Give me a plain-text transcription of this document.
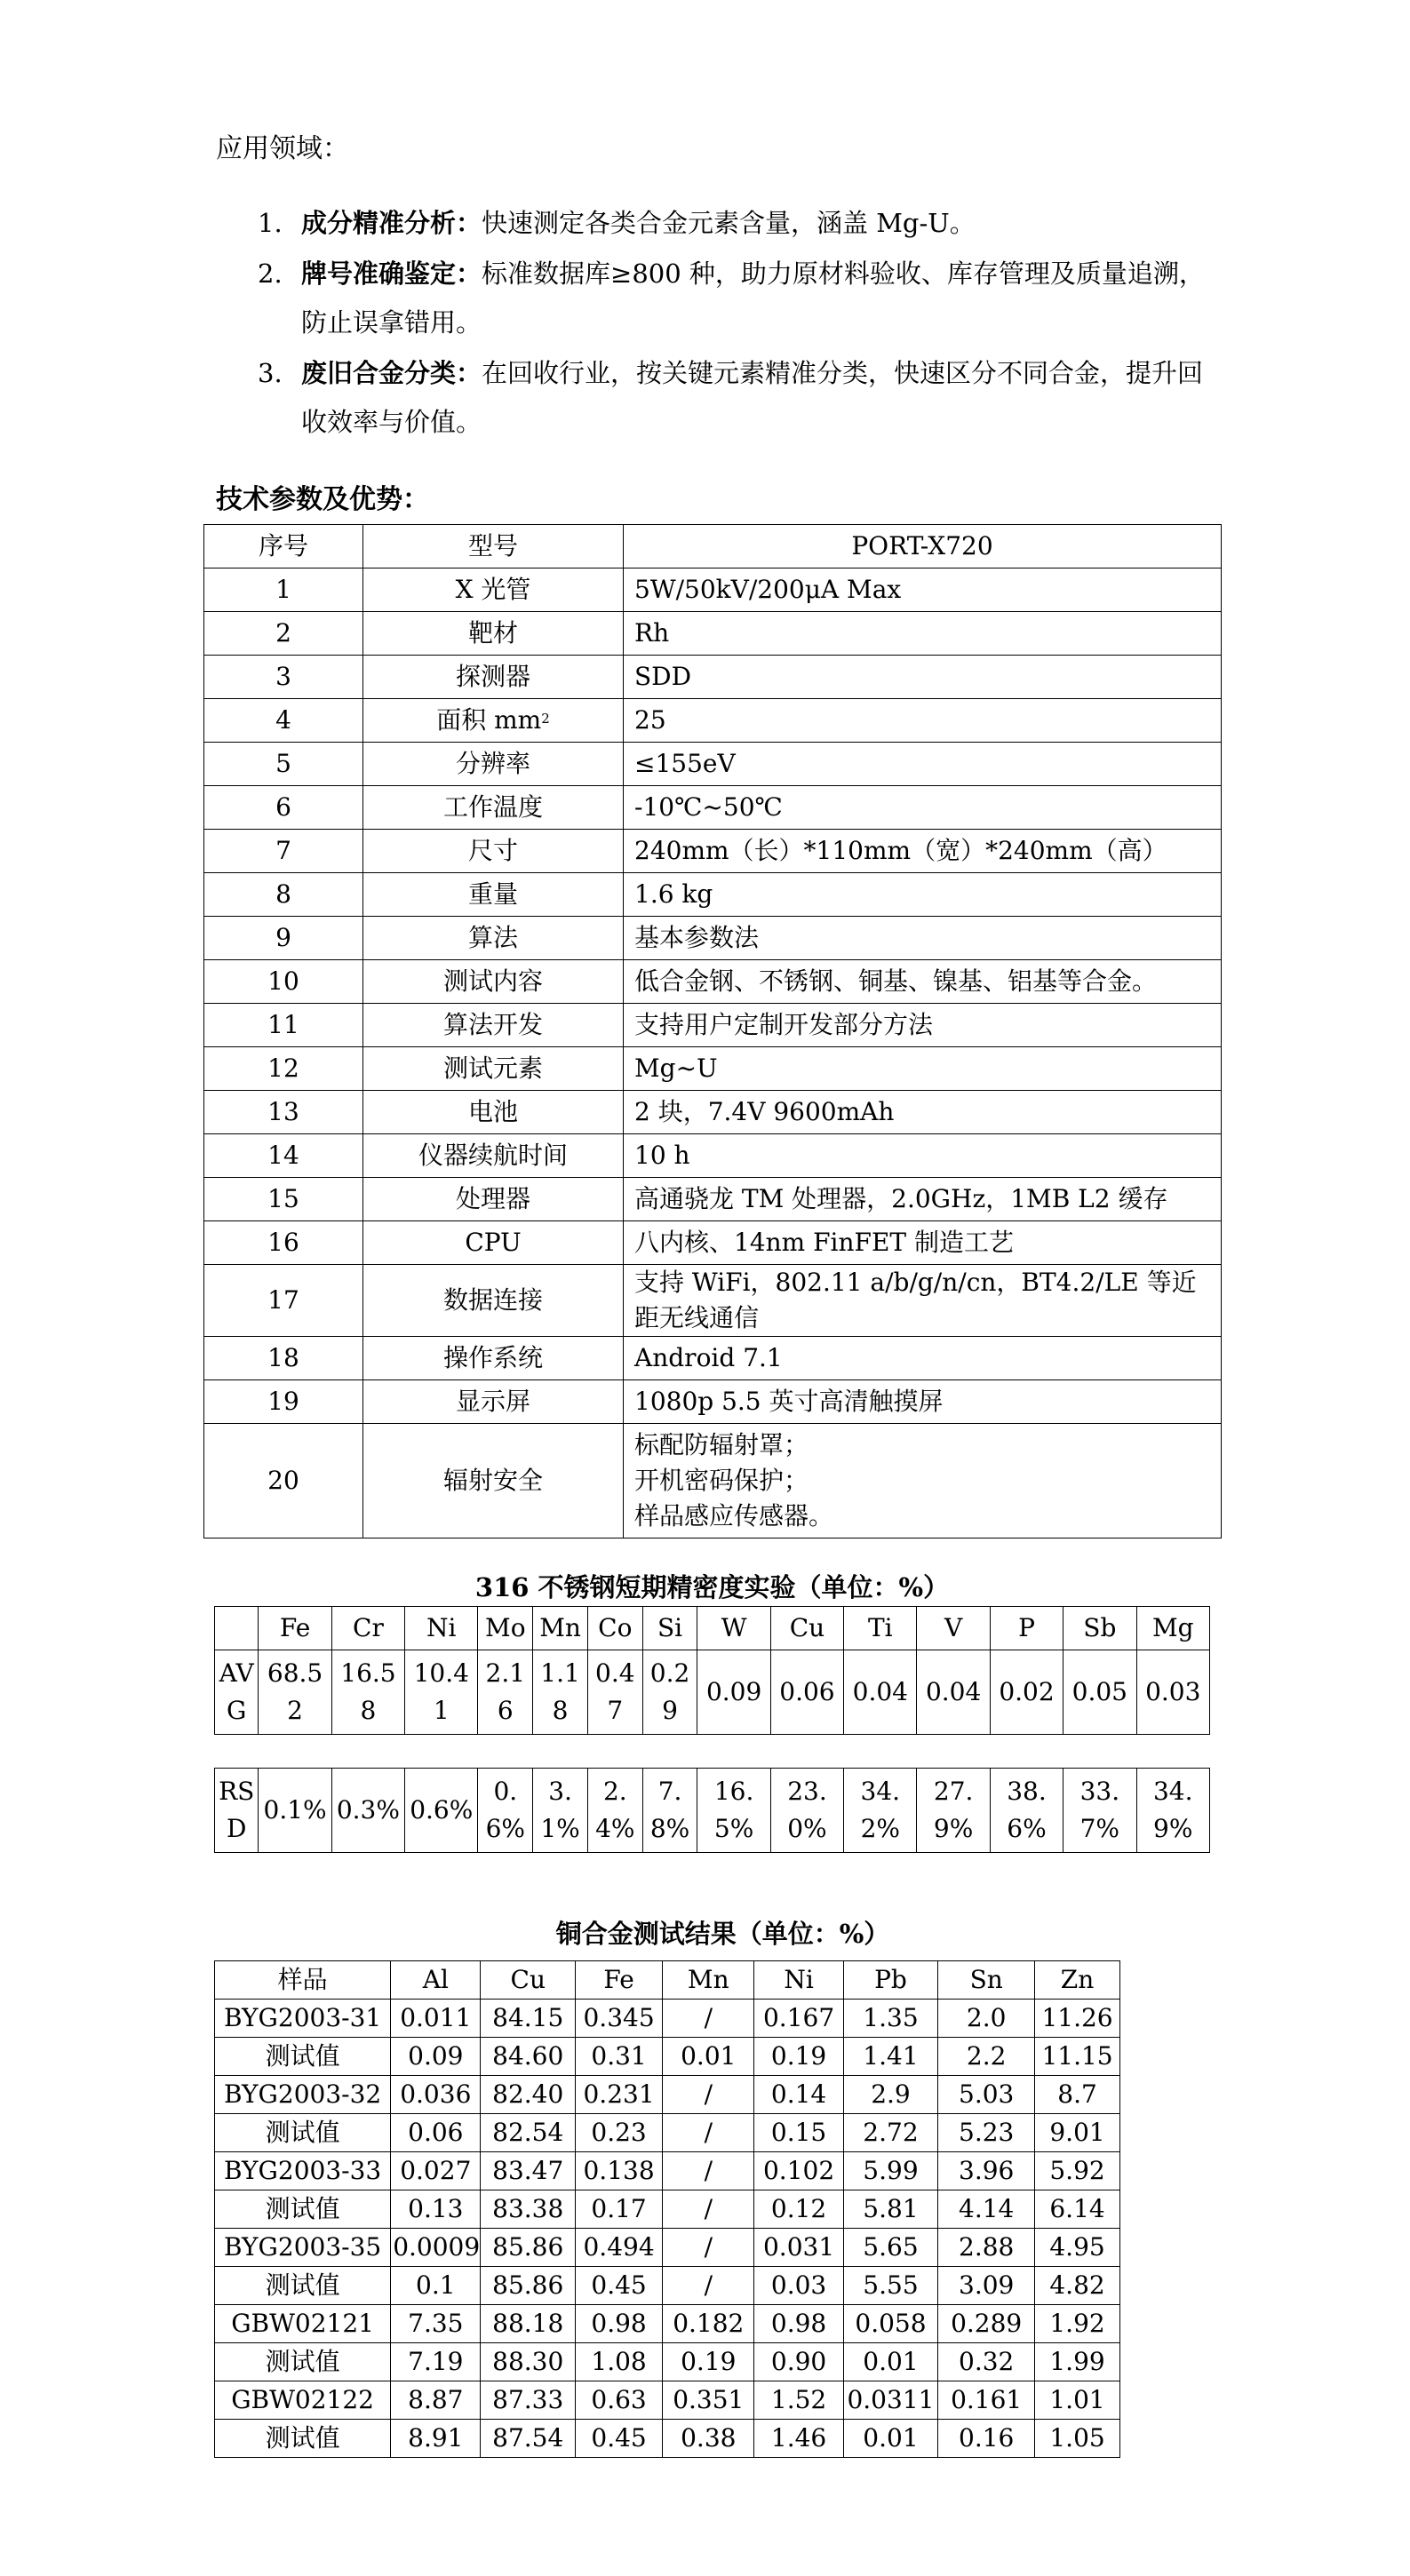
应用领域：
1. 成分精准分析：快速测定各类合金元素含量，涵盖 Mg-U。
2. 牌号准确鉴定：标准数据库≥800 种，助力原材料验收、库存管理及质量追溯，防止误拿错用。
3. 废旧合金分类：在回收行业，按关键元素精准分类，快速区分不同合金，提升回收效率与价值。
技术参数及优势：
序号	型号	PORT-X720
1	X 光管	5W/50kV/200μA Max
2	靶材	Rh
3	探测器	SDD
4	面积 $mm^2$	25
5	分辨率	≤155eV
6	工作温度	-10℃~50℃
7	尺寸	240mm（长）*110mm（宽）*240mm（高）
8	重量	1.6 kg
9	算法	基本参数法
10	测试内容	低合金钢、不锈钢、铜基、镍基、铝基等合金。
11	算法开发	支持用户定制开发部分方法
12	测试元素	Mg~U
13	电池	2 块，7.4V 9600mAh
14	仪器续航时间	10 h
15	处理器	高通骁龙 TM 处理器，2.0GHz，1MB L2 缓存
16	CPU	八内核、14nm FinFET 制造工艺
17	数据连接	支持 WiFi，802.11 a/b/g/n/cn，BT4.2/LE 等近距无线通信
18	操作系统	Android 7.1
19	显示屏	1080p 5.5 英寸高清触摸屏
20	辐射安全	标配防辐射罩；
开机密码保护；
样品感应传感器。
316 不锈钢短期精密度实验（单位：%）
	Fe	Cr	Ni	Mo	Mn	Co	Si	W	Cu	Ti	V	P	Sb	Mg
AVG	68.52	16.58	10.41	2.16	1.18	0.47	0.29	0.09	0.06	0.04	0.04	0.02	0.05	0.03
RSD	0.1%	0.3%	0.6%	0.6%	3.1%	2.4%	7.8%	16.5%	23.0%	34.2%	27.9%	38.6%	33.7%	34.9%
铜合金测试结果（单位：%）
样品	Al	Cu	Fe	Mn	Ni	Pb	Sn	Zn
BYG2003-31	0.011	84.15	0.345	/	0.167	1.35	2.0	11.26
测试值	0.09	84.60	0.31	0.01	0.19	1.41	2.2	11.15
BYG2003-32	0.036	82.40	0.231	/	0.14	2.9	5.03	8.7
测试值	0.06	82.54	0.23	/	0.15	2.72	5.23	9.01
BYG2003-33	0.027	83.47	0.138	/	0.102	5.99	3.96	5.92
测试值	0.13	83.38	0.17	/	0.12	5.81	4.14	6.14
BYG2003-35	0.0009	85.86	0.494	/	0.031	5.65	2.88	4.95
测试值	0.1	85.86	0.45	/	0.03	5.55	3.09	4.82
GBW02121	7.35	88.18	0.98	0.182	0.98	0.058	0.289	1.92
测试值	7.19	88.30	1.08	0.19	0.90	0.01	0.32	1.99
GBW02122	8.87	87.33	0.63	0.351	1.52	0.0311	0.161	1.01
测试值	8.91	87.54	0.45	0.38	1.46	0.01	0.16	1.05
